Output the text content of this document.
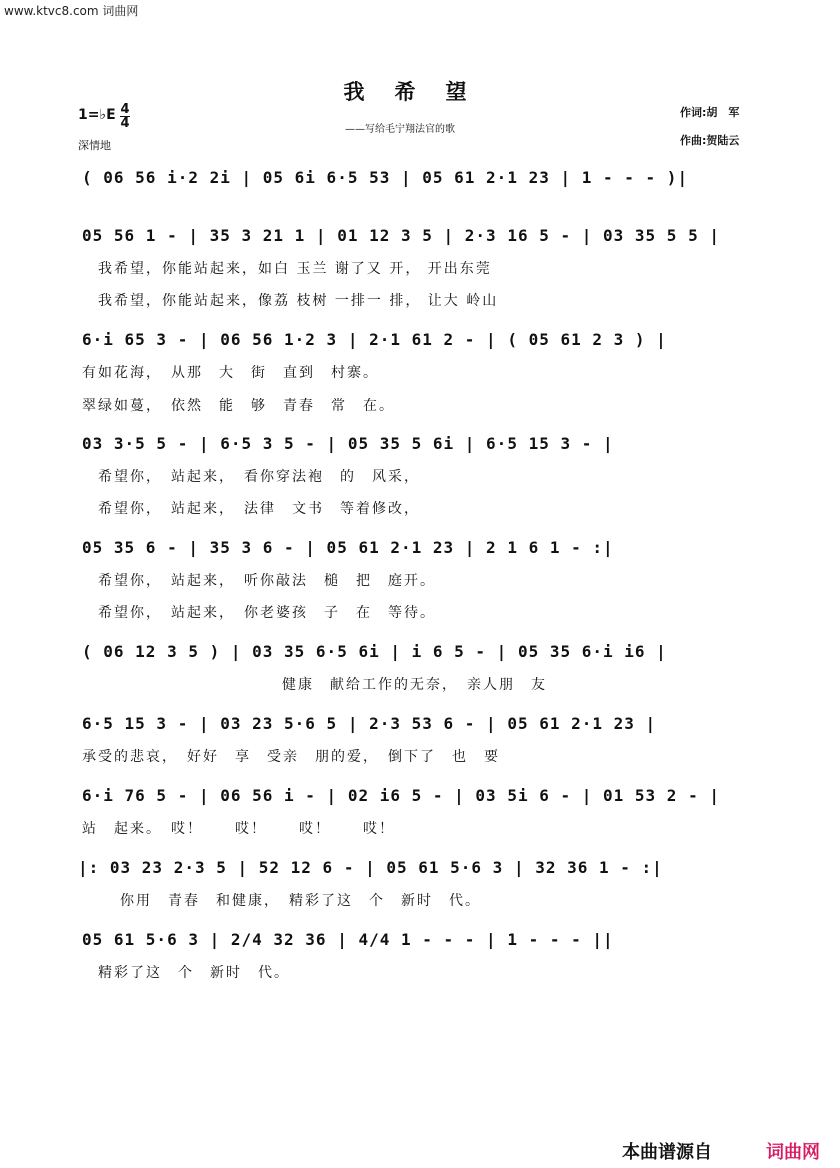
www.ktvc8.com 词曲网
我希望
——写给毛宁翔法官的歌
1=♭E 4
4
深情地
作词:胡　军
作曲:贺陆云
( 06 56 i·2 2i | 05 6i 6·5 53 | 05 61 2·1 23 | 1 - - - )|
05 56 1 - | 35 3 21 1 | 01 12 3 5 | 2·3 16 5 - | 03 35 5 5 |
我希望，你能站起来，如白 玉兰 谢了又 开， 开出东莞
我希望，你能站起来，像荔 枝树 一排一 排， 让大 岭山
6·i 65 3 - | 06 56 1·2 3 | 2·1 61 2 - | ( 05 61 2 3 ) |
有如花海，　从那　大　街　直到　村寨。
翠绿如蔓，　依然　能　够　青春　常　在。
03 3·5 5 - | 6·5 3 5 - | 05 35 5 6i | 6·5 15 3 - |
希望你，　站起来，　看你穿法袍　的　风采，
希望你，　站起来，　法律　文书　等着修改，
05 35 6 - | 35 3 6 - | 05 61 2·1 23 | 2 1 6 1 - :|
希望你，　站起来，　听你敲法　槌　把　庭开。
希望你，　站起来，　你老婆孩　子　在　等待。
( 06 12 3 5 ) | 03 35 6·5 6i | i 6 5 - | 05 35 6·i i6 |
健康　献给工作的无奈，　亲人朋　友
6·5 15 3 - | 03 23 5·6 5 | 2·3 53 6 - | 05 61 2·1 23 |
承受的悲哀，　好好　享　受亲　朋的爱，　倒下了　也　要
6·i 76 5 - | 06 56 i - | 02 i6 5 - | 03 5i 6 - | 01 53 2 - |
站　起来。　哎！　　哎！　　哎！　　哎！
|: 03 23 2·3 5 | 52 12 6 - | 05 61 5·6 3 | 32 36 1 - :|
你用　青春　和健康，　精彩了这　个　新时　代。
05 61 5·6 3 | 2/4 32 36 | 4/4 1 - - - | 1 - - - ||
精彩了这　个　新时　代。
本曲谱源自	词曲网
